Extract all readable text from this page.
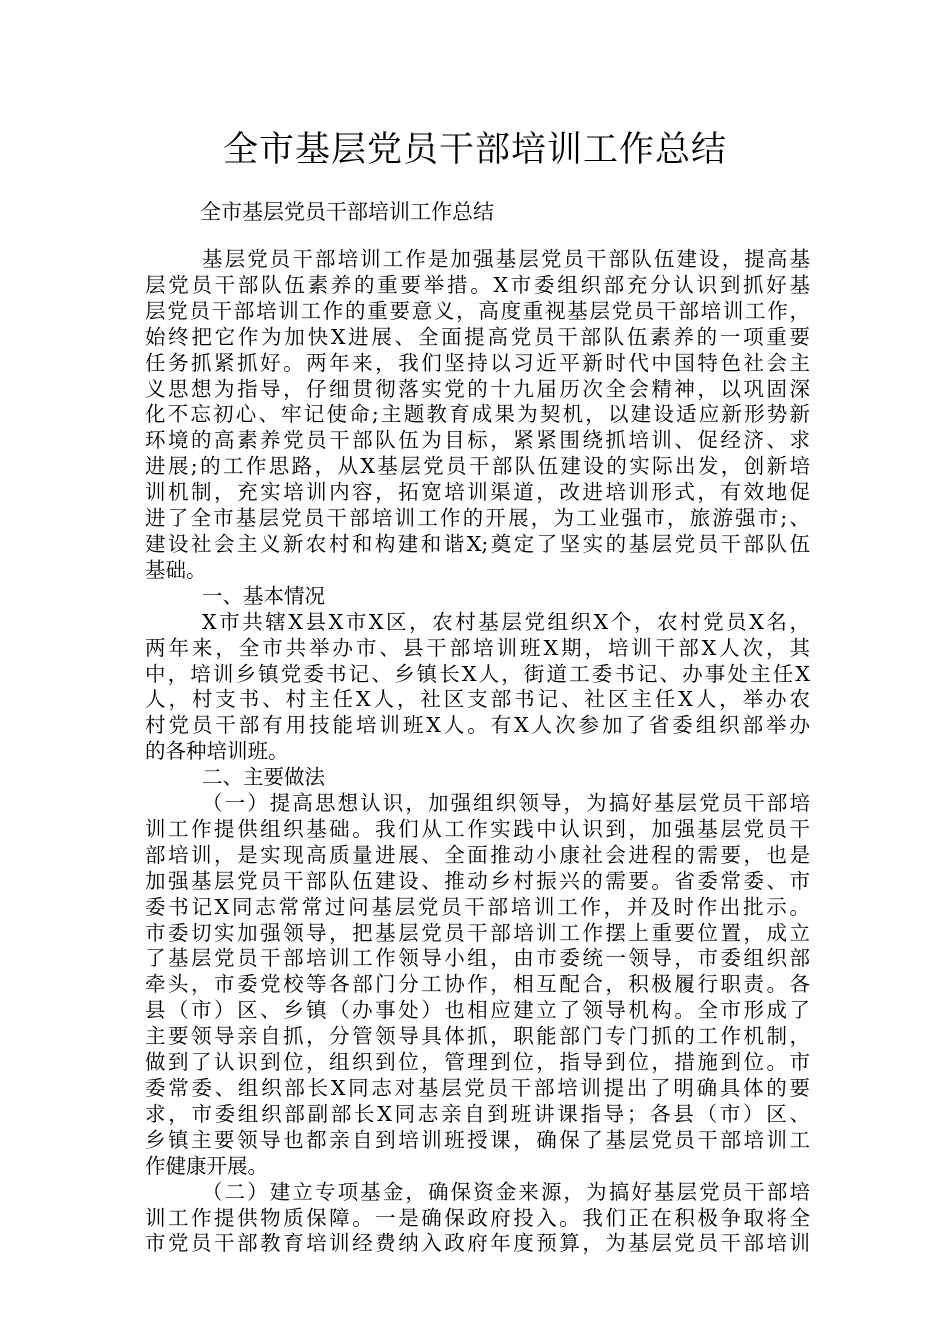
全市基层党员干部培训工作总结

全市基层党员干部培训工作总结

基层党员干部培训工作是加强基层党员干部队伍建设，提高基
层党员干部队伍素养的重要举措。X市委组织部充分认识到抓好基
层党员干部培训工作的重要意义，高度重视基层党员干部培训工作，
始终把它作为加快X进展、全面提高党员干部队伍素养的一项重要
任务抓紧抓好。两年来，我们坚持以习近平新时代中国特色社会主
义思想为指导，仔细贯彻落实党的十九届历次全会精神，以巩固深
化不忘初心、牢记使命;主题教育成果为契机，以建设适应新形势新
环境的高素养党员干部队伍为目标，紧紧围绕抓培训、促经济、求
进展;的工作思路，从X基层党员干部队伍建设的实际出发，创新培
训机制，充实培训内容，拓宽培训渠道，改进培训形式，有效地促
进了全市基层党员干部培训工作的开展，为工业强市，旅游强市;、
建设社会主义新农村和构建和谐X;奠定了坚实的基层党员干部队伍
基础。
一、基本情况
X市共辖X县X市X区，农村基层党组织X个，农村党员X名，
两年来，全市共举办市、县干部培训班X期，培训干部X人次，其
中，培训乡镇党委书记、乡镇长X人，街道工委书记、办事处主任X
人，村支书、村主任X人，社区支部书记、社区主任X人，举办农
村党员干部有用技能培训班X人。有X人次参加了省委组织部举办
的各种培训班。
二、主要做法
（一）提高思想认识，加强组织领导，为搞好基层党员干部培
训工作提供组织基础。我们从工作实践中认识到，加强基层党员干
部培训，是实现高质量进展、全面推动小康社会进程的需要，也是
加强基层党员干部队伍建设、推动乡村振兴的需要。省委常委、市
委书记X同志常常过问基层党员干部培训工作，并及时作出批示。
市委切实加强领导，把基层党员干部培训工作摆上重要位置，成立
了基层党员干部培训工作领导小组，由市委统一领导，市委组织部
牵头，市委党校等各部门分工协作，相互配合，积极履行职责。各
县（市）区、乡镇（办事处）也相应建立了领导机构。全市形成了
主要领导亲自抓，分管领导具体抓，职能部门专门抓的工作机制，
做到了认识到位，组织到位，管理到位，指导到位，措施到位。市
委常委、组织部长X同志对基层党员干部培训提出了明确具体的要
求，市委组织部副部长X同志亲自到班讲课指导；各县（市）区、
乡镇主要领导也都亲自到培训班授课，确保了基层党员干部培训工
作健康开展。
（二）建立专项基金，确保资金来源，为搞好基层党员干部培
训工作提供物质保障。一是确保政府投入。我们正在积极争取将全
市党员干部教育培训经费纳入政府年度预算，为基层党员干部培训
